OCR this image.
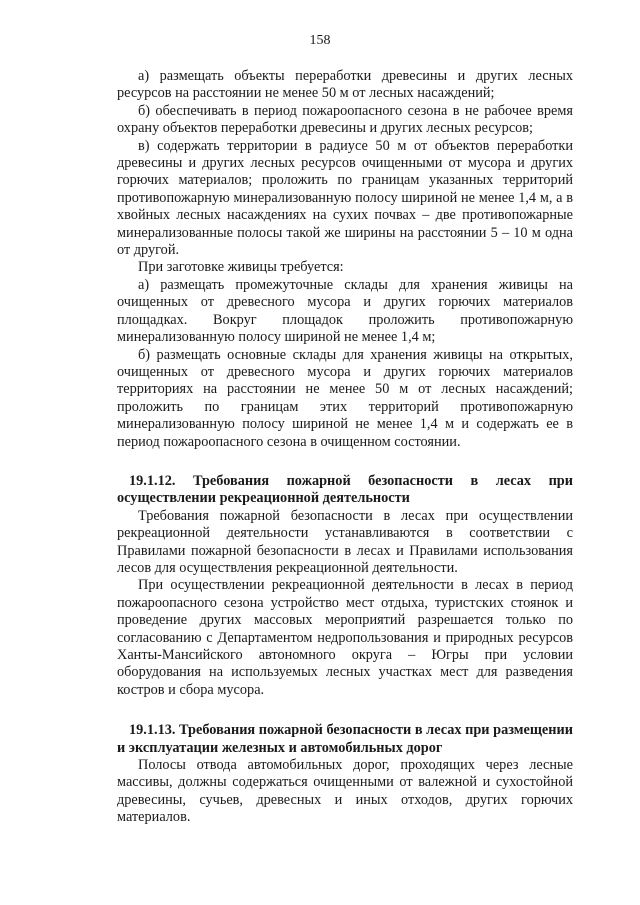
158

а) размещать объекты переработки древесины и других лесных ресурсов на расстоянии не менее 50 м от лесных насаждений;

б) обеспечивать в период пожароопасного сезона в не рабочее время охрану объектов переработки древесины и других лесных ресурсов;

в) содержать территории в радиусе 50 м от объектов переработки древесины и других лесных ресурсов очищенными от мусора и других горючих материалов; проложить по границам указанных территорий противопожарную минерализованную полосу шириной не менее 1,4 м, а в хвойных лесных насаждениях на сухих почвах – две противопожарные минерализованные полосы такой же ширины на расстоянии 5 – 10 м одна от другой.

При заготовке живицы требуется:

а) размещать промежуточные склады для хранения живицы на очищенных от древесного мусора и других горючих материалов площадках. Вокруг площадок проложить противопожарную минерализованную полосу шириной не менее 1,4 м;

б) размещать основные склады для хранения живицы на открытых, очищенных от древесного мусора и других горючих материалов территориях на расстоянии не менее 50 м от лесных насаждений; проложить по границам этих территорий противопожарную минерализованную полосу шириной не менее 1,4 м и содержать ее в период пожароопасного сезона в очищенном состоянии.

19.1.12. Требования пожарной безопасности в лесах при осуществлении рекреационной деятельности

Требования пожарной безопасности в лесах при осуществлении рекреационной деятельности устанавливаются в соответствии с Правилами пожарной безопасности в лесах и Правилами использования лесов для осуществления рекреационной деятельности.

При осуществлении рекреационной деятельности в лесах в период пожароопасного сезона устройство мест отдыха, туристских стоянок и проведение других массовых мероприятий разрешается только по согласованию с Департаментом недропользования и природных ресурсов Ханты-Мансийского автономного округа – Югры при условии оборудования на используемых лесных участках мест для разведения костров и сбора мусора.

19.1.13. Требования пожарной безопасности в лесах при размещении и эксплуатации железных и автомобильных дорог

Полосы отвода автомобильных дорог, проходящих через лесные массивы, должны содержаться очищенными от валежной и сухостойной древесины, сучьев, древесных и иных отходов, других горючих материалов.
